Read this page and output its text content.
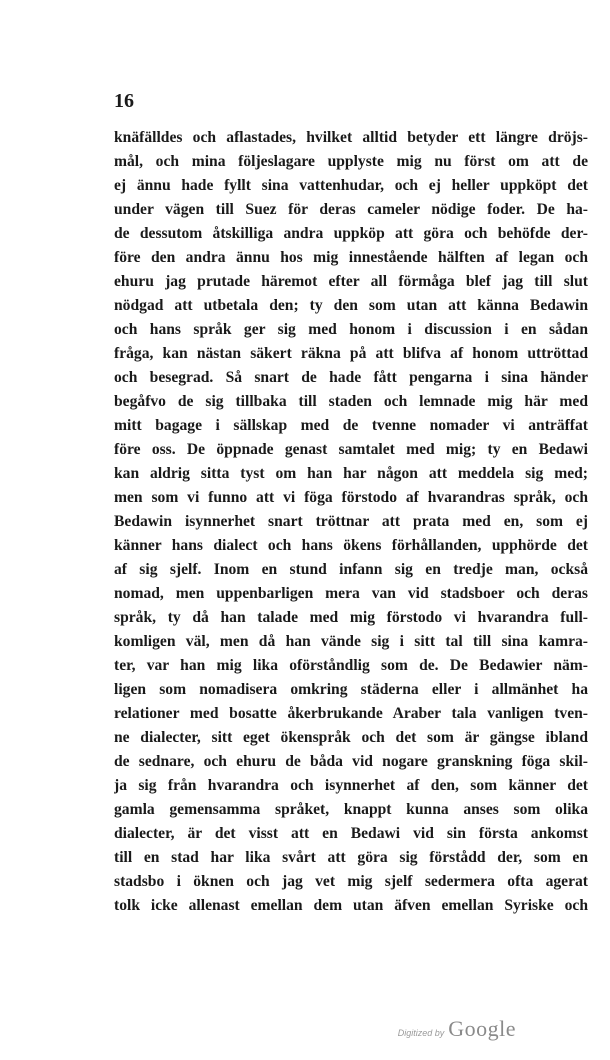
16
knäfälldes och aflastades, hvilket alltid betyder ett längre dröjs-
mål, och mina följeslagare upplyste mig nu först om att de
ej ännu hade fyllt sina vattenhudar, och ej heller uppköpt det
under vägen till Suez för deras cameler nödige foder. De ha-
de dessutom åtskilliga andra uppköp att göra och behöfde der-
före den andra ännu hos mig innestående hälften af legan och
ehuru jag prutade häremot efter all förmåga blef jag till slut
nödgad att utbetala den; ty den som utan att känna Bedawin
och hans språk ger sig med honom i discussion i en sådan
fråga, kan nästan säkert räkna på att blifva af honom uttröttad
och besegrad. Så snart de hade fått pengarna i sina händer
begåfvo de sig tillbaka till staden och lemnade mig här med
mitt bagage i sällskap med de tvenne nomader vi anträffat
före oss. De öppnade genast samtalet med mig; ty en Bedawi
kan aldrig sitta tyst om han har någon att meddela sig med;
men som vi funno att vi föga förstodo af hvarandras språk, och
Bedawin isynnerhet snart tröttnar att prata med en, som ej
känner hans dialect och hans ökens förhållanden, upphörde det
af sig sjelf. Inom en stund infann sig en tredje man, också
nomad, men uppenbarligen mera van vid stadsboer och deras
språk, ty då han talade med mig förstodo vi hvarandra full-
komligen väl, men då han vände sig i sitt tal till sina kamra-
ter, var han mig lika oförståndlig som de. De Bedawier näm-
ligen som nomadisera omkring städerna eller i allmänhet ha
relationer med bosatte åkerbrukande Araber tala vanligen tven-
ne dialecter, sitt eget ökenspråk och det som är gängse ibland
de sednare, och ehuru de båda vid nogare granskning föga skil-
ja sig från hvarandra och isynnerhet af den, som känner det
gamla gemensamma språket, knappt kunna anses som olika
dialecter, är det visst att en Bedawi vid sin första ankomst
till en stad har lika svårt att göra sig förstådd der, som en
stadsbo i öknen och jag vet mig sjelf sedermera ofta agerat
tolk icke allenast emellan dem utan äfven emellan Syriske och
Digitized by Google
